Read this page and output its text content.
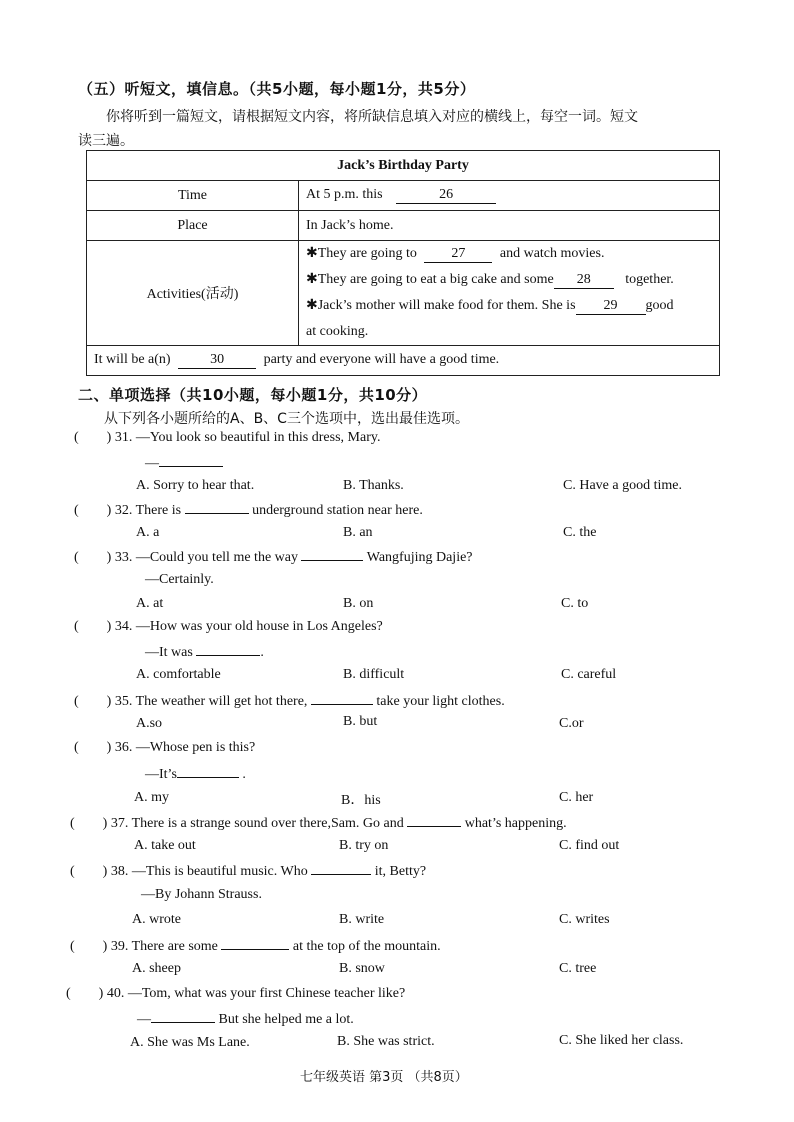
（五）听短文，填信息。（共5小题，每小题1分，共5分）
你将听到一篇短文，请根据短文内容，将所缺信息填入对应的横线上，每空一词。短文
读三遍。
Jack’s Birthday Party	
Time	At 5 p.m. this 26
Place	In Jack’s home.
Activities(活动)	✱They are going to 27 and watch movies.
✱They are going to eat a big cake and some 28 together.
✱Jack’s mother will make food for them. She is 29 good
at cooking.

It will be a(n) 30 party and everyone will have a good time.	
二、单项选择（共10小题，每小题1分，共10分）
从下列各小题所给的A、B、C三个选项中，选出最佳选项。
( ) 31. —You look so beautiful in this dress, Mary.
—
A. Sorry to hear that.	B. Thanks.	C. Have a good time.
( ) 32. There is	underground station near here.
A. a	B. an	C. the
( ) 33. —Could you tell me the way	Wangfujing Dajie?
—Certainly.
A. at	B. on	C. to
( ) 34. —How was your old house in Los Angeles?
—It was	.
A. comfortable	B. difficult	C. careful
( ) 35. The weather will get hot there,	take your light clothes.
A.so	B. but	C.or
( ) 36. —Whose pen is this?
—It’s	.
A. my	B．his	C. her
( ) 37. There is a strange sound over there,Sam. Go and	what’s happening.
A. take out	B. try on	C. find out
( ) 38. —This is beautiful music. Who	it, Betty?
—By Johann Strauss.
A. wrote	B. write	C. writes
( ) 39. There are some	at the top of the mountain.
A. sheep	B. snow	C. tree
( ) 40. —Tom, what was your first Chinese teacher like?
—	But she helped me a lot.
A. She was Ms Lane.	B. She was strict.	C. She liked her class.
七年级英语 第3页 （共8页）
